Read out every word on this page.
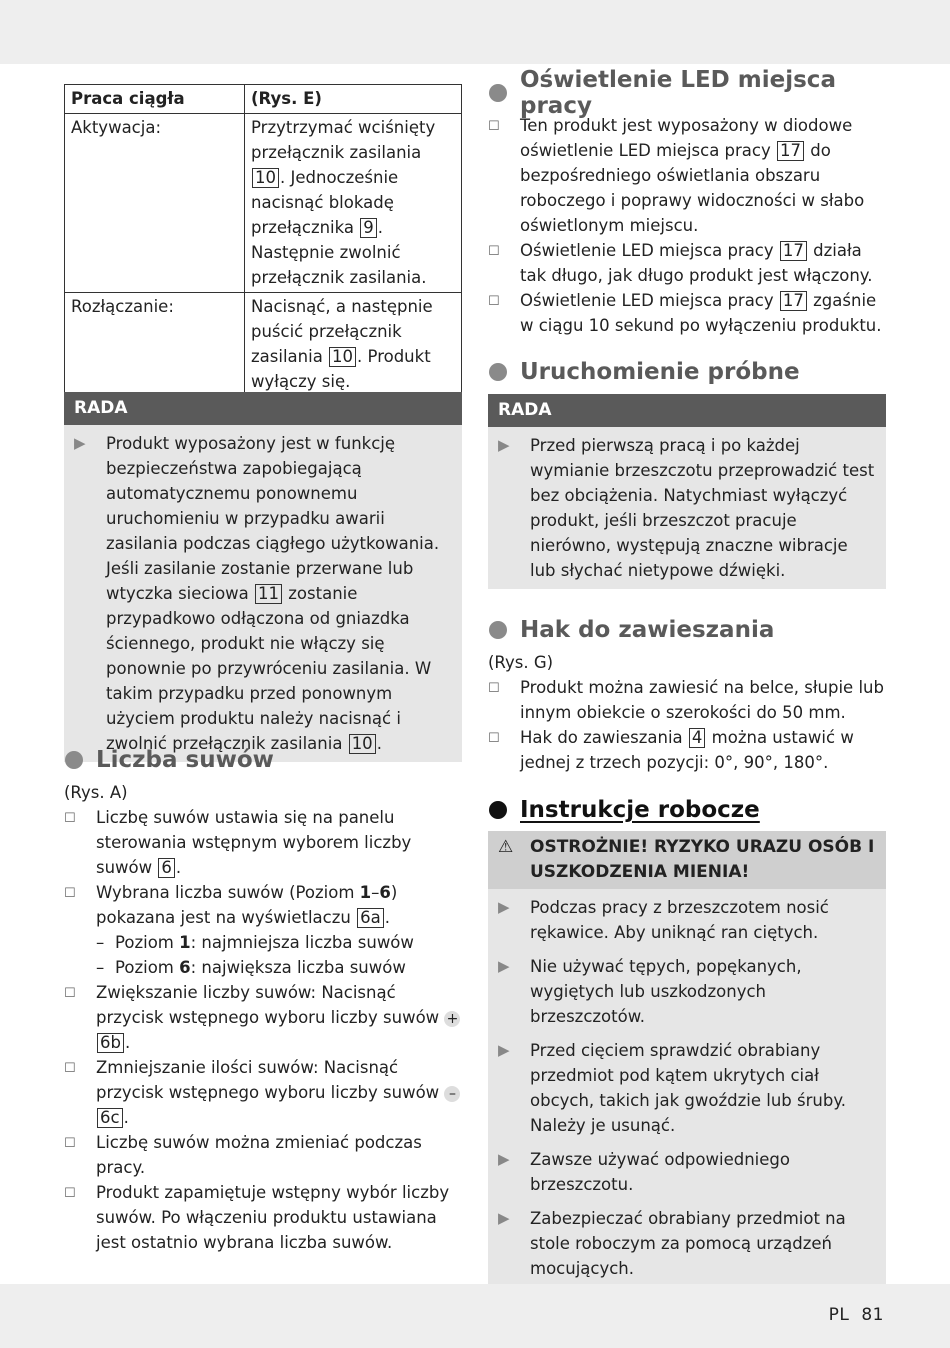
Praca ciągła	(Rys. E)
Aktywacja:	Przytrzymać wciśnięty przełącznik zasilania 10 . Jednocześnie nacisnąć blokadę przełącznika 9 . Następnie zwolnić przełącznik zasilania.
Rozłączanie:	Nacisnąć, a następnie puścić przełącznik zasilania 10 . Produkt wyłączy się.
RADA
▶	Produkt wyposażony jest w funkcję bezpieczeństwa zapobiegającą automatycznemu ponownemu uruchomieniu w przypadku awarii zasilania podczas ciągłego użytkowania. Jeśli zasilanie zostanie przerwane lub wtyczka sieciowa 11 zostanie przypadkowo odłączona od gniazdka ściennego, produkt nie włączy się ponownie po przywróceniu zasilania. W takim przypadku przed ponownym użyciem produktu należy nacisnąć i zwolnić przełącznik zasilania 10 .
Liczba suwów
(Rys. A)
☐	Liczbę suwów ustawia się na panelu sterowania wstępnym wyborem liczby suwów 6 .
☐	Wybrana liczba suwów (Poziom 1–6) pokazana jest na wyświetlaczu 6a .
– Poziom 1: najmniejsza liczba suwów
– Poziom 6: największa liczba suwów
☐	Zwiększanie liczby suwów: Nacisnąć przycisk wstępnego wyboru liczby suwów + 6b .
☐	Zmniejszanie ilości suwów: Nacisnąć przycisk wstępnego wyboru liczby suwów – 6c .
☐	Liczbę suwów można zmieniać podczas pracy.
☐	Produkt zapamiętuje wstępny wybór liczby suwów. Po włączeniu produktu ustawiana jest ostatnio wybrana liczba suwów.
Oświetlenie LED miejsca pracy
☐	Ten produkt jest wyposażony w diodowe oświetlenie LED miejsca pracy 17 do bezpośredniego oświetlania obszaru roboczego i poprawy widoczności w słabo oświetlonym miejscu.
☐	Oświetlenie LED miejsca pracy 17 działa tak długo, jak długo produkt jest włączony.
☐	Oświetlenie LED miejsca pracy 17 zgaśnie w ciągu 10 sekund po wyłączeniu produktu.
Uruchomienie próbne
RADA
▶	Przed pierwszą pracą i po każdej wymianie brzeszczotu przeprowadzić test bez obciążenia. Natychmiast wyłączyć produkt, jeśli brzeszczot pracuje nierówno, występują znaczne wibracje lub słychać nietypowe dźwięki.
Hak do zawieszania
(Rys. G)
☐	Produkt można zawiesić na belce, słupie lub innym obiekcie o szerokości do 50 mm.
☐	Hak do zawieszania 4 można ustawić w jednej z trzech pozycji: 0°, 90°, 180°.
Instrukcje robocze
⚠ OSTROŻNIE! RYZYKO URAZU OSÓB I USZKODZENIA MIENIA!
▶	Podczas pracy z brzeszczotem nosić rękawice. Aby uniknąć ran ciętych.
▶	Nie używać tępych, popękanych, wygiętych lub uszkodzonych brzeszczotów.
▶	Przed cięciem sprawdzić obrabiany przedmiot pod kątem ukrytych ciał obcych, takich jak gwoździe lub śruby. Należy je usunąć.
▶	Zawsze używać odpowiedniego brzeszczotu.
▶	Zabezpieczać obrabiany przedmiot na stole roboczym za pomocą urządzeń mocujących.
PL 81
